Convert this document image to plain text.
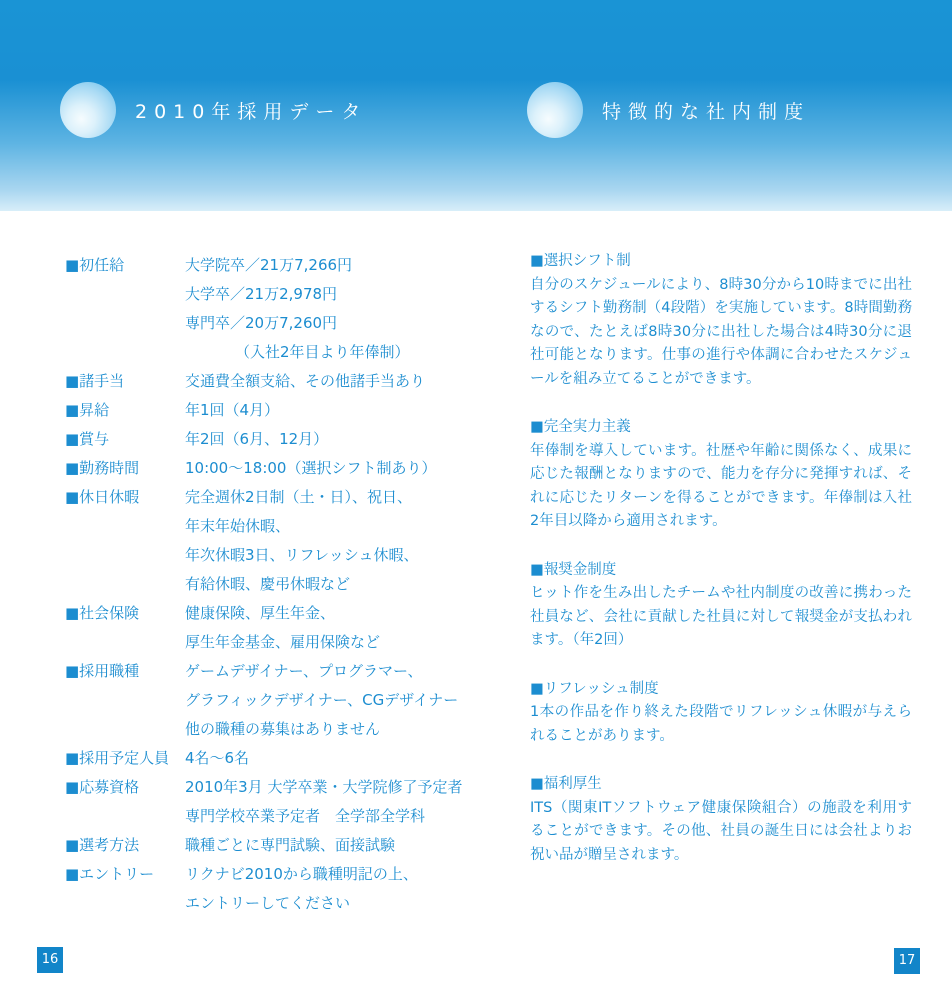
2010年採用データ	特徴的な社内制度
■初任給	大学院卒／21万7,266円
大学卒／21万2,978円
専門卒／20万7,260円
（入社2年目より年俸制）
■諸手当	交通費全額支給、その他諸手当あり
■昇給	年1回（4月）
■賞与	年2回（6月、12月）
■勤務時間	10:00～18:00（選択シフト制あり）
■休日休暇	完全週休2日制（土・日）、祝日、
年末年始休暇、
年次休暇3日、リフレッシュ休暇、
有給休暇、慶弔休暇など
■社会保険	健康保険、厚生年金、
厚生年金基金、雇用保険など
■採用職種	ゲームデザイナー、プログラマー、
グラフィックデザイナー、CGデザイナー
他の職種の募集はありません
■採用予定人員	4名～6名
■応募資格	2010年3月 大学卒業・大学院修了予定者
専門学校卒業予定者　全学部全学科
■選考方法	職種ごとに専門試験、面接試験
■エントリー	リクナビ2010から職種明記の上、
エントリーしてください
■選択シフト制
自分のスケジュールにより、8時30分から10時までに出社するシフト勤務制（4段階）を実施しています。8時間勤務なので、たとえば8時30分に出社した場合は4時30分に退社可能となります。仕事の進行や体調に合わせたスケジュールを組み立てることができます。
■完全実力主義
年俸制を導入しています。社歴や年齢に関係なく、成果に応じた報酬となりますので、能力を存分に発揮すれば、それに応じたリターンを得ることができます。年俸制は入社2年目以降から適用されます。
■報奨金制度
ヒット作を生み出したチームや社内制度の改善に携わった社員など、会社に貢献した社員に対して報奨金が支払われます。（年2回）
■リフレッシュ制度
1本の作品を作り終えた段階でリフレッシュ休暇が与えられることがあります。
■福利厚生
ITS（関東ITソフトウェア健康保険組合）の施設を利用することができます。その他、社員の誕生日には会社よりお祝い品が贈呈されます。
16	17
